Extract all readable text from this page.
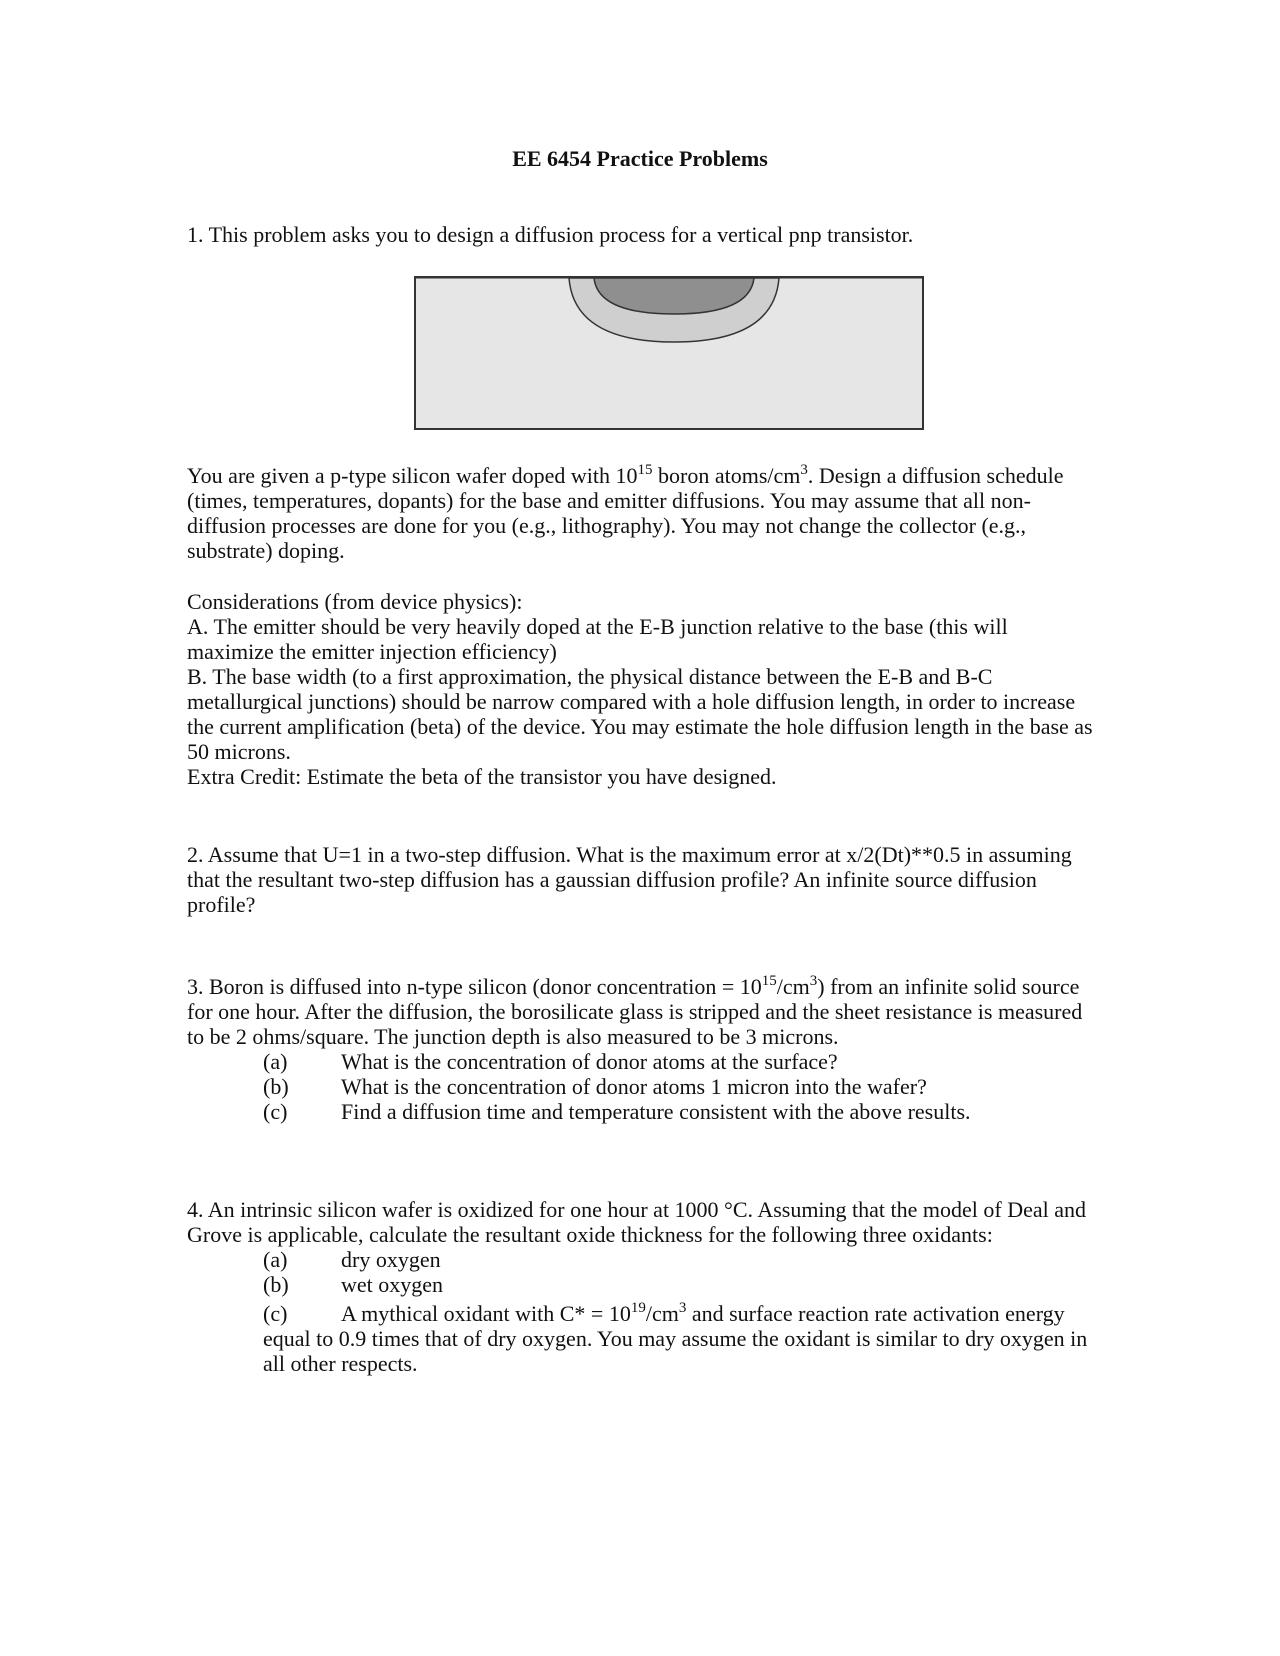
EE 6454 Practice Problems
1. This problem asks you to design a diffusion process for a vertical pnp transistor.
You are given a p-type silicon wafer doped with $10^{15}$ boron atoms/$cm^3$. Design a diffusion schedule (times, temperatures, dopants) for the base and emitter diffusions. You may assume that all non-diffusion processes are done for you (e.g., lithography). You may not change the collector (e.g., substrate) doping.
Considerations (from device physics):
A. The emitter should be very heavily doped at the E-B junction relative to the base (this will maximize the emitter injection efficiency)
B. The base width (to a first approximation, the physical distance between the E-B and B-C metallurgical junctions) should be narrow compared with a hole diffusion length, in order to increase the current amplification (beta) of the device. You may estimate the hole diffusion length in the base as 50 microns.
Extra Credit: Estimate the beta of the transistor you have designed.
2. Assume that U=1 in a two-step diffusion. What is the maximum error at x/2(Dt)**0.5 in assuming that the resultant two-step diffusion has a gaussian diffusion profile? An infinite source diffusion profile?
3. Boron is diffused into n-type silicon (donor concentration = $10^{15}/cm^3$) from an infinite solid source for one hour. After the diffusion, the borosilicate glass is stripped and the sheet resistance is measured to be 2 ohms/square. The junction depth is also measured to be 3 microns.
(a)	What is the concentration of donor atoms at the surface?
(b)	What is the concentration of donor atoms 1 micron into the wafer?
(c)	Find a diffusion time and temperature consistent with the above results.
4. An intrinsic silicon wafer is oxidized for one hour at 1000 °C. Assuming that the model of Deal and Grove is applicable, calculate the resultant oxide thickness for the following three oxidants:
(a)	dry oxygen
(b)	wet oxygen
(c) A mythical oxidant with $C* = 10^{19}/cm^3$ and surface reaction rate activation energy equal to 0.9 times that of dry oxygen. You may assume the oxidant is similar to dry oxygen in all other respects.
